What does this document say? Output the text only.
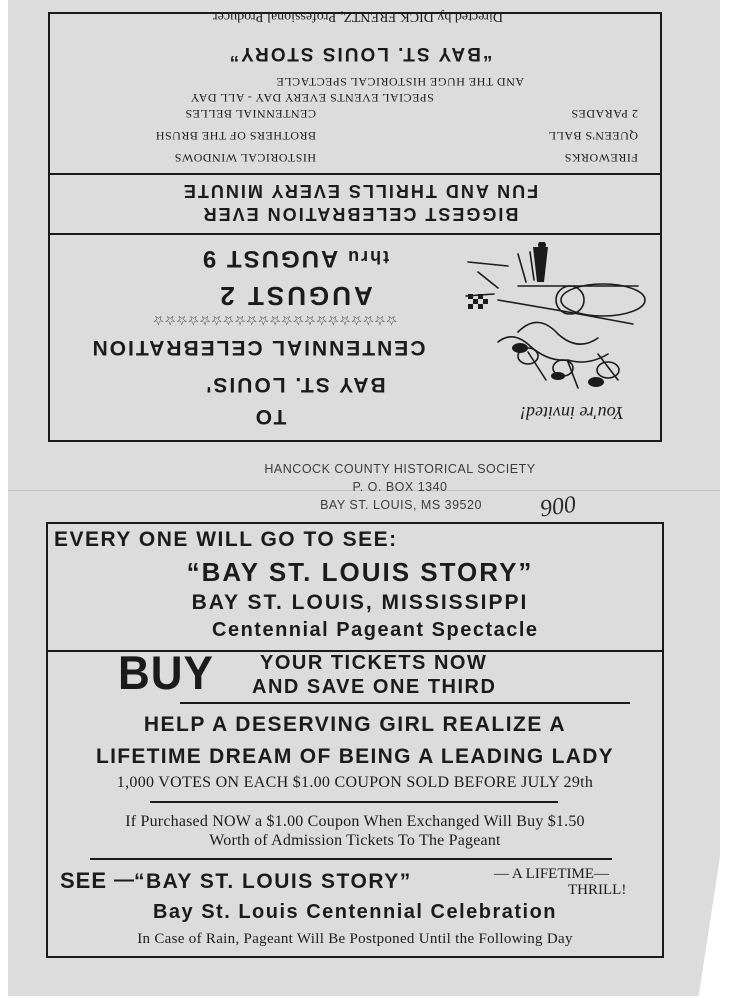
Directed by DICK FRENTZ, Professional Producer
“BAY ST. LOUIS STORY”
AND THE HUGE HISTORICAL SPECTACLE
SPECIAL EVENTS EVERY DAY - ALL DAY
CENTENNIAL BELLES
BROTHERS OF THE BRUSH
HISTORICAL WINDOWS
2 PARADES
QUEEN'S BALL
FIREWORKS
FUN AND THRILLS EVERY MINUTE
BIGGEST CELEBRATION EVER
thru AUGUST 9
AUGUST 2
☆☆☆☆☆☆☆☆☆☆☆☆☆☆☆☆☆☆☆☆☆
CENTENNIAL CELEBRATION
BAY ST. LOUIS'
TO	You're invited!
HANCOCK COUNTY HISTORICAL SOCIETY
P. O. BOX 1340
BAY ST. LOUIS, MS 39520	900
EVERY ONE WILL GO TO SEE:
“BAY ST. LOUIS STORY”
BAY ST. LOUIS, MISSISSIPPI
Centennial Pageant Spectacle
BUY YOUR TICKETS NOW
AND SAVE ONE THIRD
HELP A DESERVING GIRL REALIZE A
LIFETIME DREAM OF BEING A LEADING LADY
1,000 VOTES ON EACH $1.00 COUPON SOLD BEFORE JULY 29th
If Purchased NOW a $1.00 Coupon When Exchanged Will Buy $1.50
Worth of Admission Tickets To The Pageant
SEE — “BAY ST. LOUIS STORY”	— A LIFETIME—
THRILL!
Bay St. Louis Centennial Celebration
In Case of Rain, Pageant Will Be Postponed Until the Following Day
